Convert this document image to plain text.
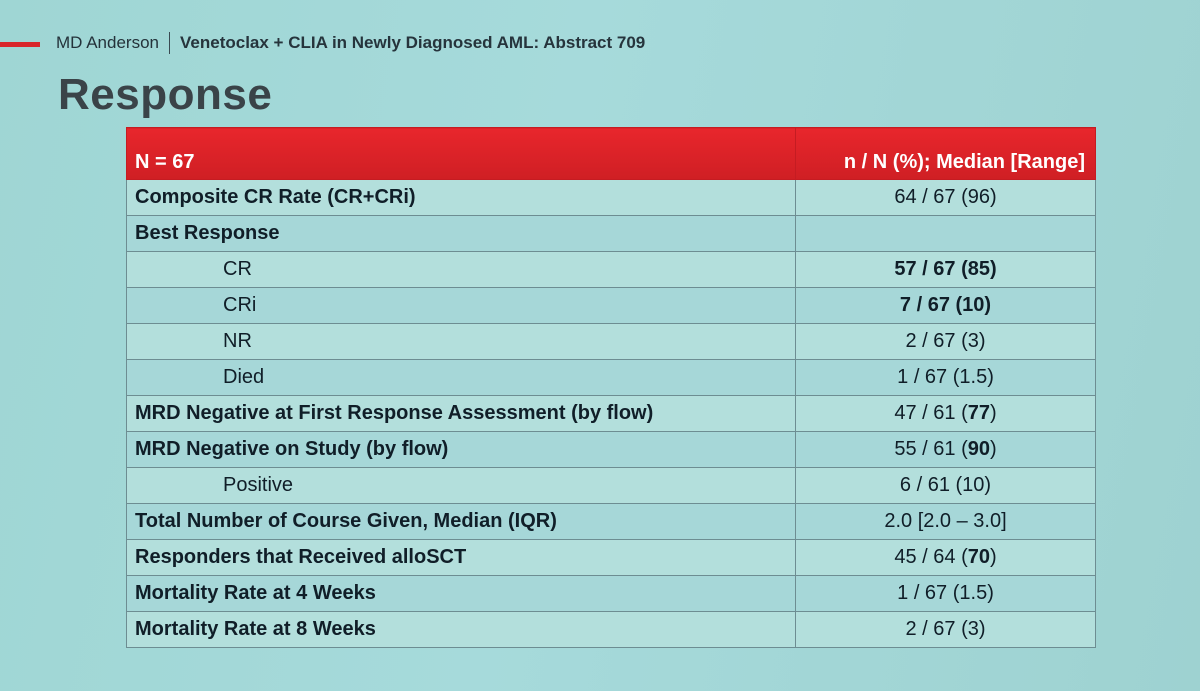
MD Anderson Venetoclax + CLIA in Newly Diagnosed AML: Abstract 709
Response
N = 67	n / N (%); Median [Range]
Composite CR Rate (CR+CRi)	64 / 67 (96)
Best Response	
CR	57 / 67 (85)
CRi	7 / 67 (10)
NR	2 / 67 (3)
Died	1 / 67 (1.5)
MRD Negative at First Response Assessment (by flow)	47 / 61 (77)
MRD Negative on Study (by flow)	55 / 61 (90)
Positive	6 / 61 (10)
Total Number of Course Given, Median (IQR)	2.0 [2.0 – 3.0]
Responders that Received alloSCT	45 / 64 (70)
Mortality Rate at 4 Weeks	1 / 67 (1.5)
Mortality Rate at 8 Weeks	2 / 67 (3)
